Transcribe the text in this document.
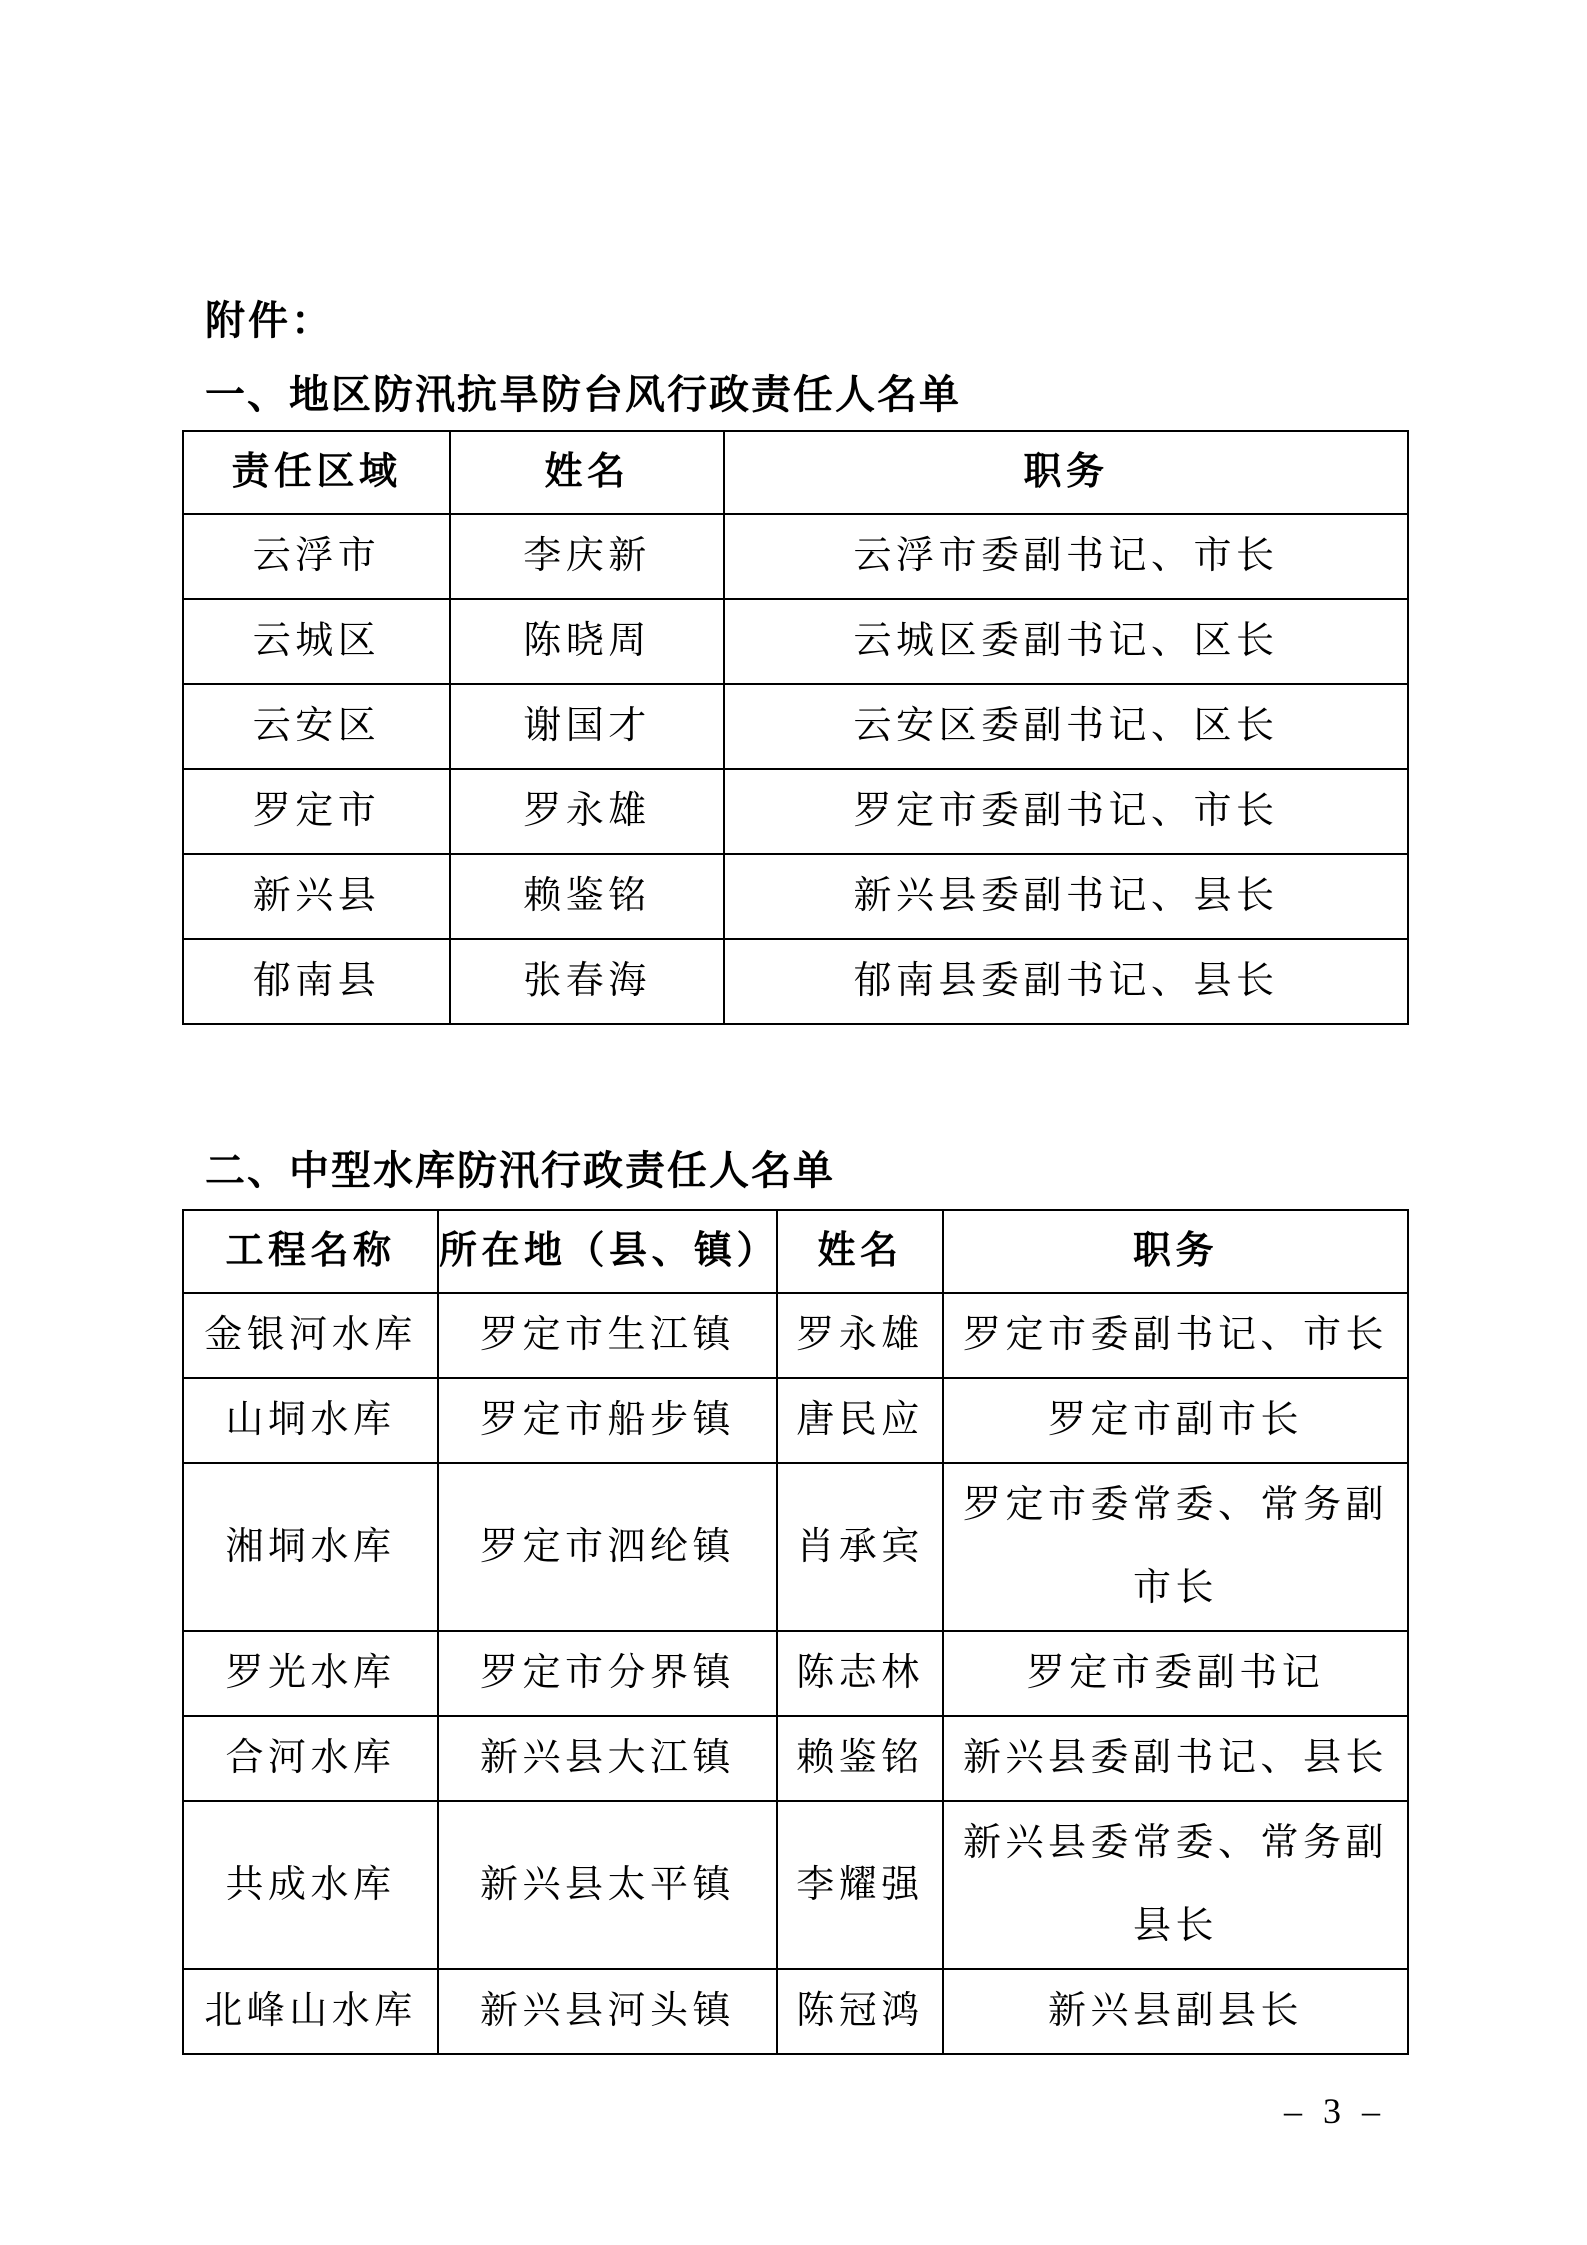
附件：
一、地区防汛抗旱防台风行政责任人名单
责任区域	姓名	职务
云浮市	李庆新	云浮市委副书记、市长
云城区	陈晓周	云城区委副书记、区长
云安区	谢国才	云安区委副书记、区长
罗定市	罗永雄	罗定市委副书记、市长
新兴县	赖鉴铭	新兴县委副书记、县长
郁南县	张春海	郁南县委副书记、县长
二、中型水库防汛行政责任人名单
工程名称	所在地（县、镇）	姓名	职务
金银河水库	罗定市生江镇	罗永雄	罗定市委副书记、市长
山垌水库	罗定市船步镇	唐民应	罗定市副市长
湘垌水库	罗定市泗纶镇	肖承宾	罗定市委常委、常务副市长
罗光水库	罗定市分界镇	陈志林	罗定市委副书记
合河水库	新兴县大江镇	赖鉴铭	新兴县委副书记、县长
共成水库	新兴县太平镇	李耀强	新兴县委常委、常务副县长
北峰山水库	新兴县河头镇	陈冠鸿	新兴县副县长
– 3 –
